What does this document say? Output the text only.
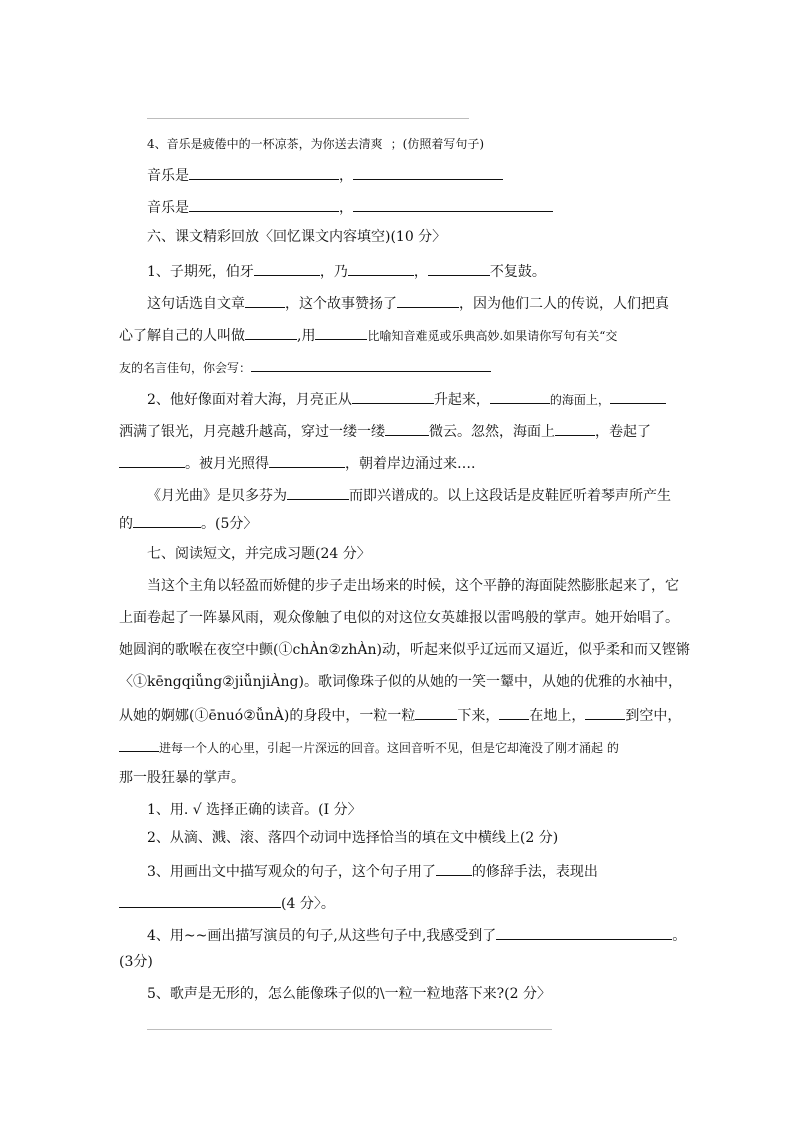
4、音乐是疲倦中的一杯凉茶，为你送去清爽 ；(仿照着写句子)
音乐是	，
音乐是	，
六、课文精彩回放〈回忆课文内容填空)(10 分〉
1、子期死，伯牙	，乃	，	不复鼓。
这句话选自文章	，这个故事赞扬了	，因为他们二人的传说，人们把真
心了解自己的人叫做	,用	比喻知音难觅或乐典高妙.如果请你写句有关“交
友的名言佳句，你会写：
2、他好像面对着大海，月亮正从	升起来，	的海面上，
洒满了银光，月亮越升越高，穿过一缕一缕	微云。忽然，海面上	，卷起了
。被月光照得	，朝着岸边涌过来….
《月光曲》是贝多芬为	而即兴谱成的。以上这段话是皮鞋匠听着琴声所产生
的	。(5分〉
七、阅读短文，并完成习题(24 分〉
当这个主角以轻盈而娇健的步子走出场来的时候，这个平静的海面陡然膨胀起来了，它
上面卷起了一阵暴风雨，观众像触了电似的对这位女英雄报以雷鸣般的掌声。她开始唱了。
她圆润的歌喉在夜空中颤(①chÀn②zhÀn)动，听起来似乎辽远而又逼近，似乎柔和而又铿锵
〈①kēngqiǚng②jiǚnjiÀng)。歌词像珠子似的从她的一笑一颦中，从她的优雅的水袖中，
从她的婀娜(①ēnuó②ǚnÀ)的身段中，一粒一粒	下来， 在地上，	到空中，
进每一个人的心里，引起一片深远的回音。这回音听不见，但是它却淹没了刚才涌起 的
那一股狂暴的掌声。
1、用. √ 选择正确的读音。(I 分〉
2、从滴、溅、滚、落四个动词中选择恰当的填在文中横线上(2 分)
3、用画出文中描写观众的句子，这个句子用了	的修辞手法，表现出
(4 分〉。
4、用~~画出描写演员的句子,从这些句子中,我感受到了	。
(3分)
5、歌声是无形的，怎么能像珠子似的\一粒一粒地落下来?(2 分〉
